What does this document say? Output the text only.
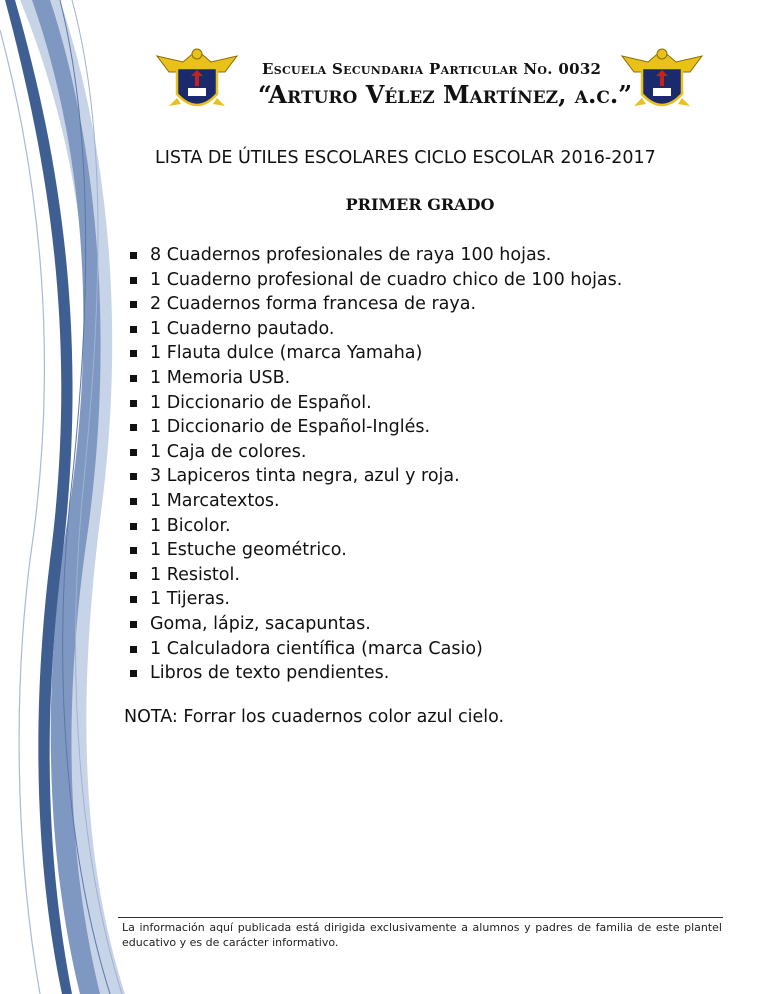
Escuela Secundaria Particular No. 0032
“Arturo Vélez Martínez, a.c.”
LISTA DE ÚTILES ESCOLARES CICLO ESCOLAR 2016-2017
PRIMER GRADO
8 Cuadernos profesionales de raya 100 hojas.
1 Cuaderno profesional de cuadro chico de 100 hojas.
2 Cuadernos forma francesa de raya.
1 Cuaderno pautado.
1 Flauta dulce (marca Yamaha)
1 Memoria USB.
1 Diccionario de Español.
1 Diccionario de Español-Inglés.
1 Caja de colores.
3 Lapiceros tinta negra, azul y roja.
1 Marcatextos.
1 Bicolor.
1 Estuche geométrico.
1 Resistol.
1 Tijeras.
Goma, lápiz, sacapuntas.
1 Calculadora científica (marca Casio)
Libros de texto pendientes.
NOTA: Forrar los cuadernos color azul cielo.
La información aquí publicada está dirigida exclusivamente a alumnos y padres de familia de este plantel educativo y es de carácter informativo.
